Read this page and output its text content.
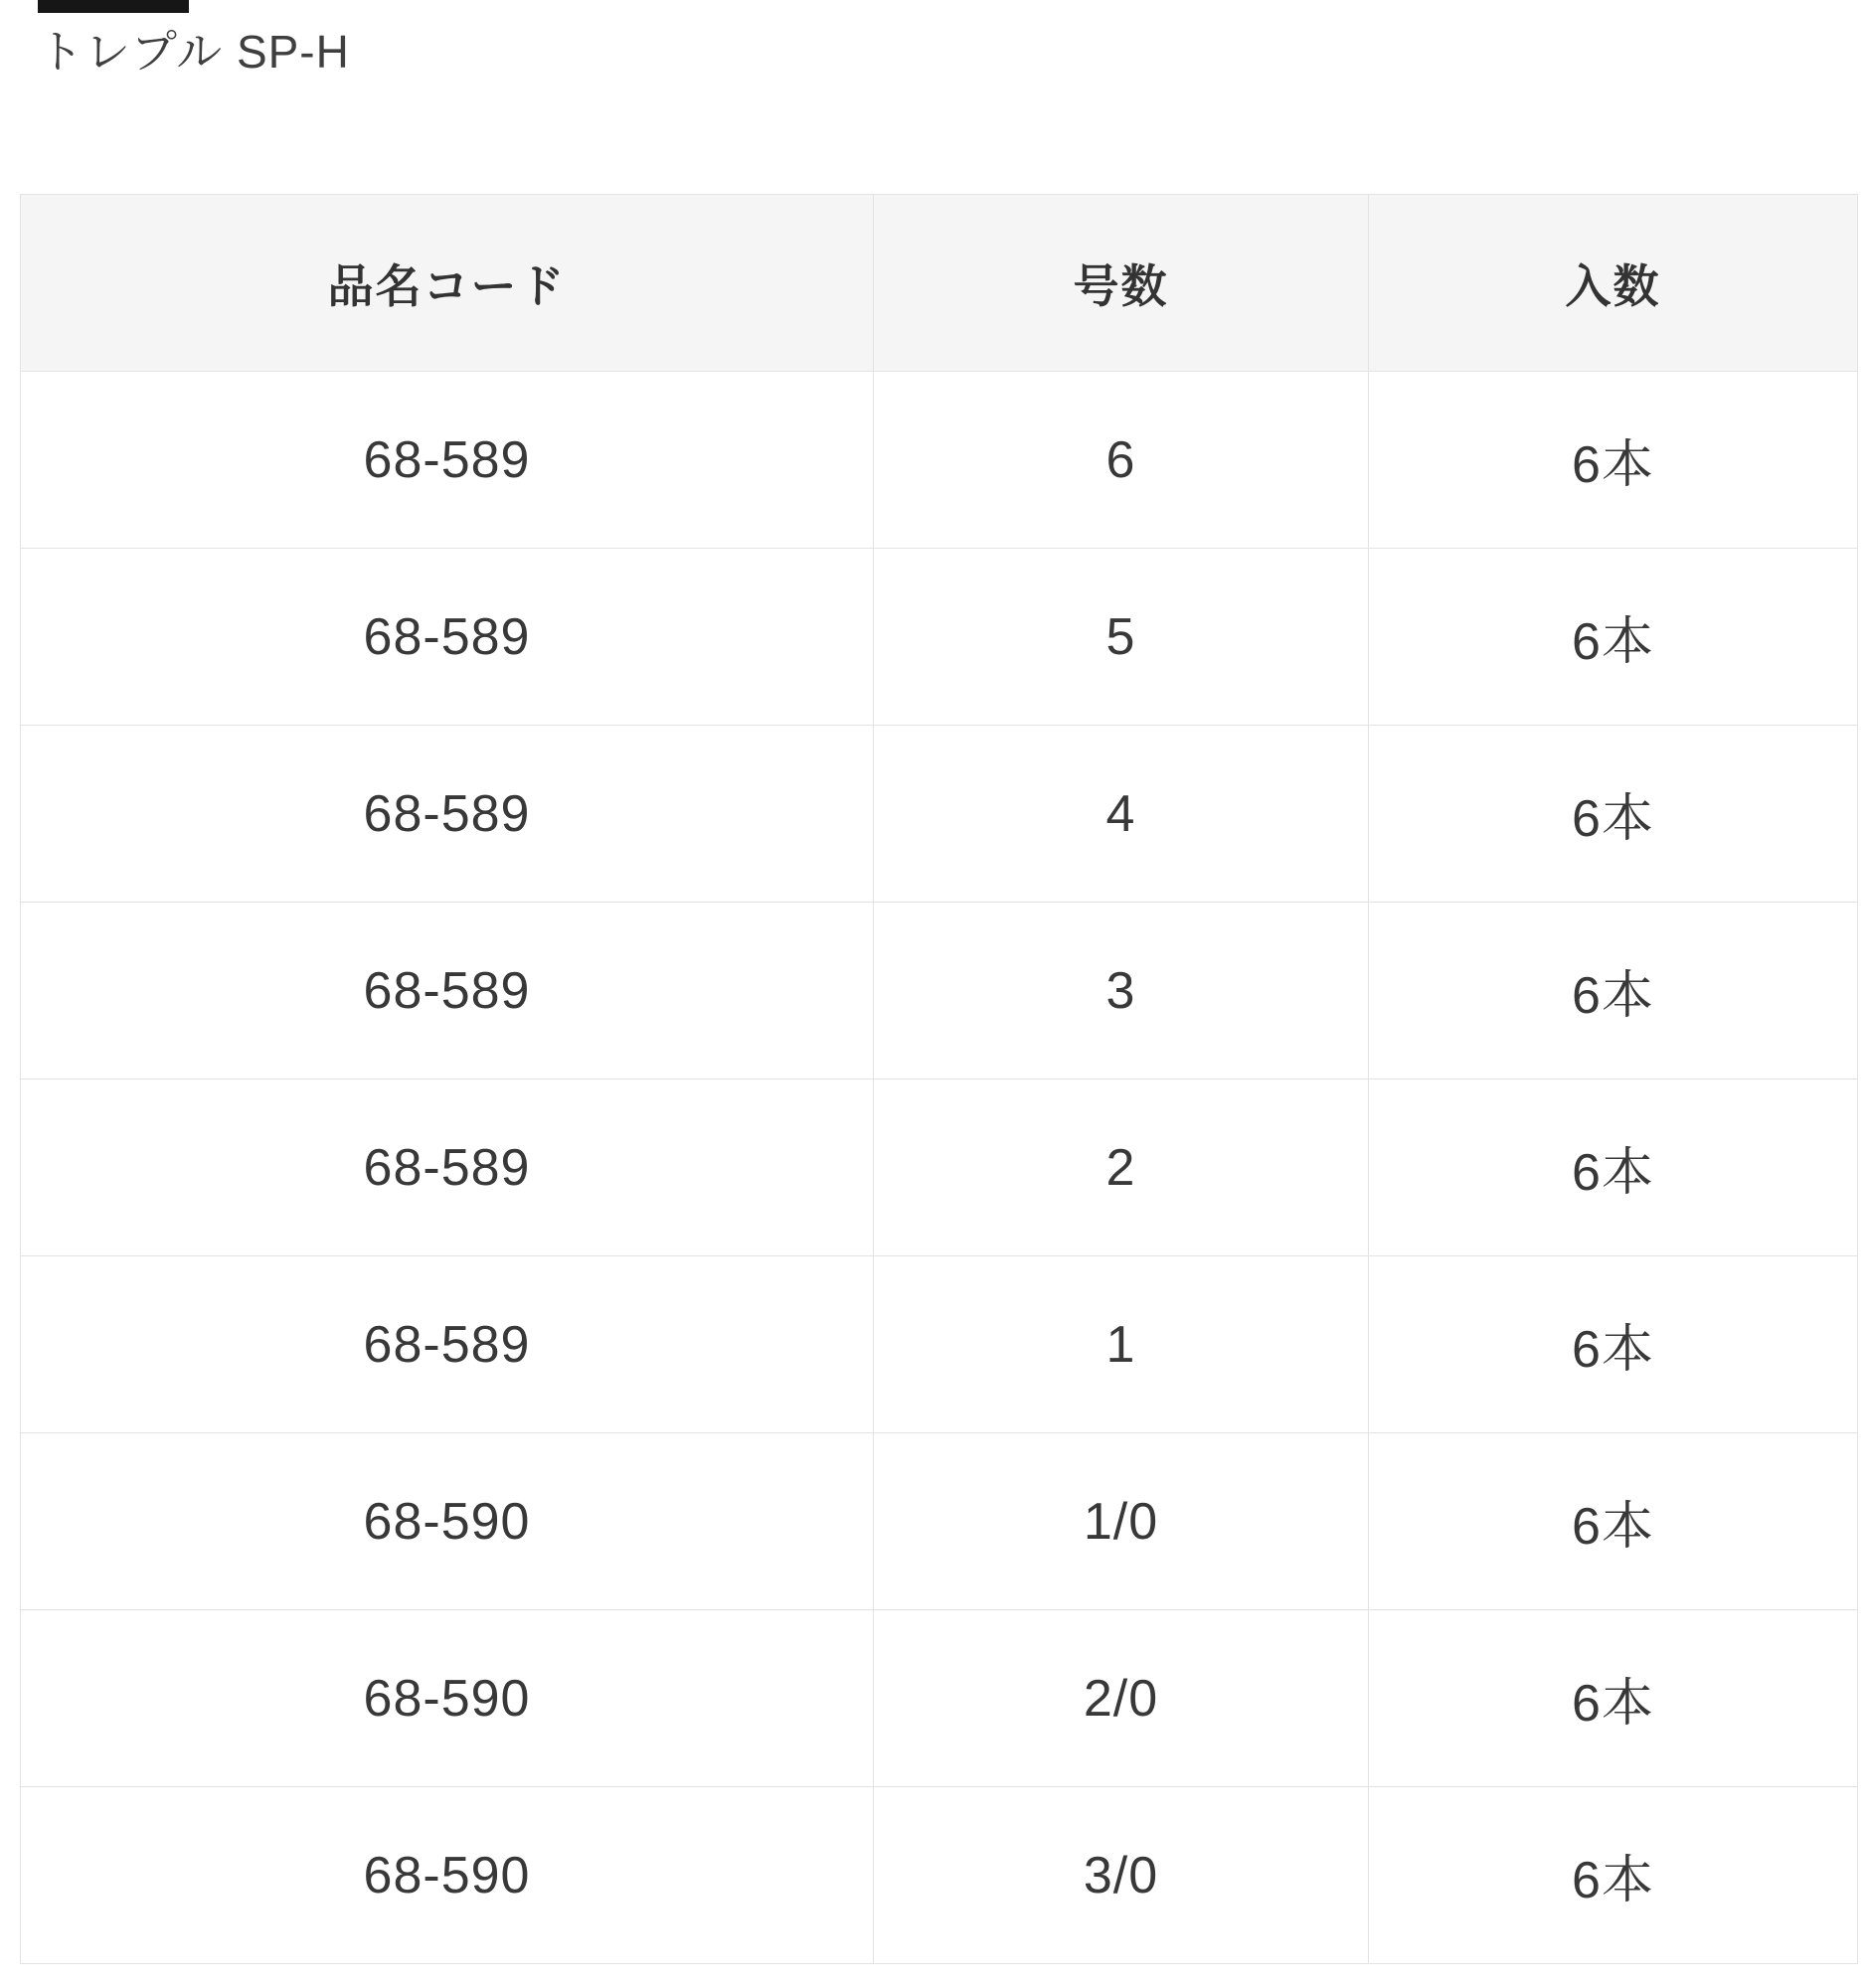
トレプル SP-H
品名コード	号数	入数
68-589	6	6本
68-589	5	6本
68-589	4	6本
68-589	3	6本
68-589	2	6本
68-589	1	6本
68-590	1/0	6本
68-590	2/0	6本
68-590	3/0	6本
